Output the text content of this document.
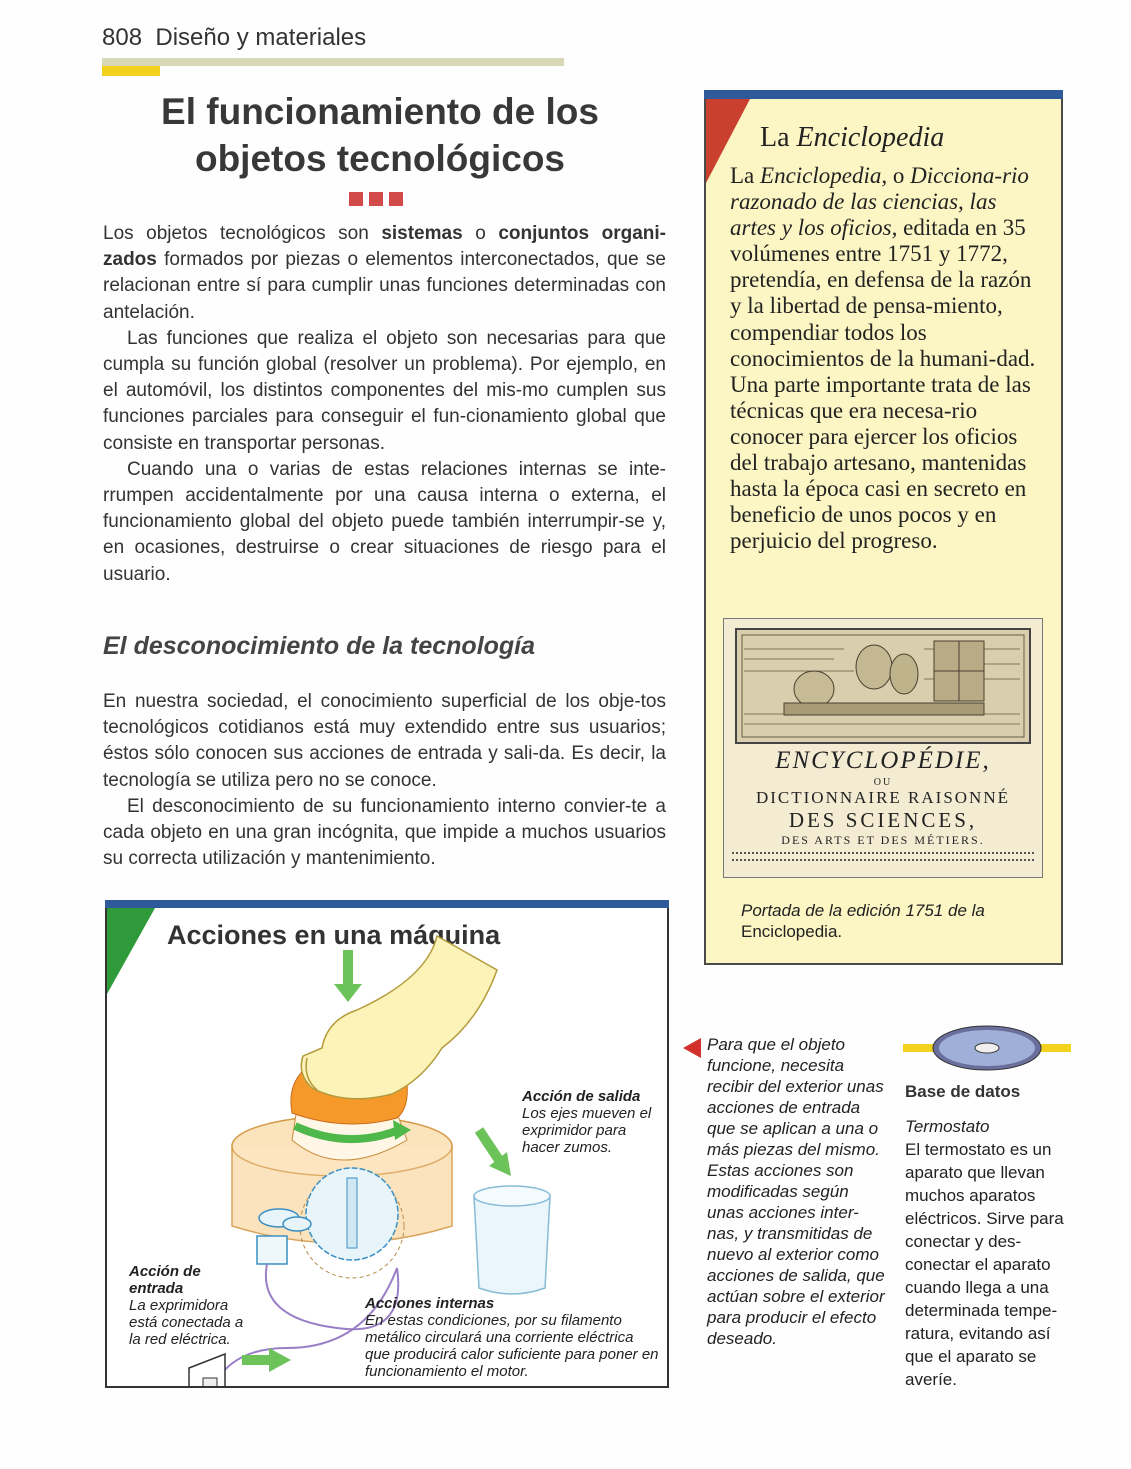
808 Diseño y materiales
El funcionamiento de los
objetos tecnológicos

Los objetos tecnológicos son sistemas o conjuntos organi-zados formados por piezas o elementos interconectados, que se relacionan entre sí para cumplir unas funciones determinadas con antelación.

Las funciones que realiza el objeto son necesarias para que cumpla su función global (resolver un problema). Por ejemplo, en el automóvil, los distintos componentes del mis-mo cumplen sus funciones parciales para conseguir el fun-cionamiento global que consiste en transportar personas.

Cuando una o varias de estas relaciones internas se inte-rrumpen accidentalmente por una causa interna o externa, el funcionamiento global del objeto puede también interrumpir-se y, en ocasiones, destruirse o crear situaciones de riesgo para el usuario.

El desconocimiento de la tecnología

En nuestra sociedad, el conocimiento superficial de los obje-tos tecnológicos cotidianos está muy extendido entre sus usuarios; éstos sólo conocen sus acciones de entrada y sali-da. Es decir, la tecnología se utiliza pero no se conoce.

El desconocimiento de su funcionamiento interno convier-te a cada objeto en una gran incógnita, que impide a muchos usuarios su correcta utilización y mantenimiento.

La Enciclopedia
La Enciclopedia, o Dicciona-rio razonado de las ciencias, las artes y los oficios, editada en 35 volúmenes entre 1751 y 1772, pretendía, en defensa de la razón y la libertad de pensa-miento, compendiar todos los conocimientos de la humani-dad. Una parte importante trata de las técnicas que era necesa-rio conocer para ejercer los oficios del trabajo artesano, mantenidas hasta la época casi en secreto en beneficio de unos pocos y en perjuicio del progreso.
ENCYCLOPÉDIE,
OU
DICTIONNAIRE RAISONNÉ
DES SCIENCES,
DES ARTS ET DES MÉTIERS.
Portada de la edición 1751 de la
Enciclopedia.
Acciones en una máquina
Acción de salida
Los ejes mueven el exprimidor para hacer zumos.
Acción de entrada
La exprimidora está conectada a la red eléctrica.
Acciones internas
En estas condiciones, por su filamento metálico circulará una corriente eléctrica que producirá calor suficiente para poner en funcionamiento el motor.
Para que el objeto funcione, necesita recibir del exterior unas acciones de entrada que se aplican a una o más piezas del mismo. Estas acciones son modificadas según unas acciones inter-nas, y transmitidas de nuevo al exterior como acciones de salida, que actúan sobre el exterior para producir el efecto deseado.
Base de datos
Termostato
El termostato es un aparato que llevan muchos aparatos eléctricos. Sirve para conectar y des-conectar el aparato cuando llega a una determinada tempe-ratura, evitando así que el aparato se averíe.
